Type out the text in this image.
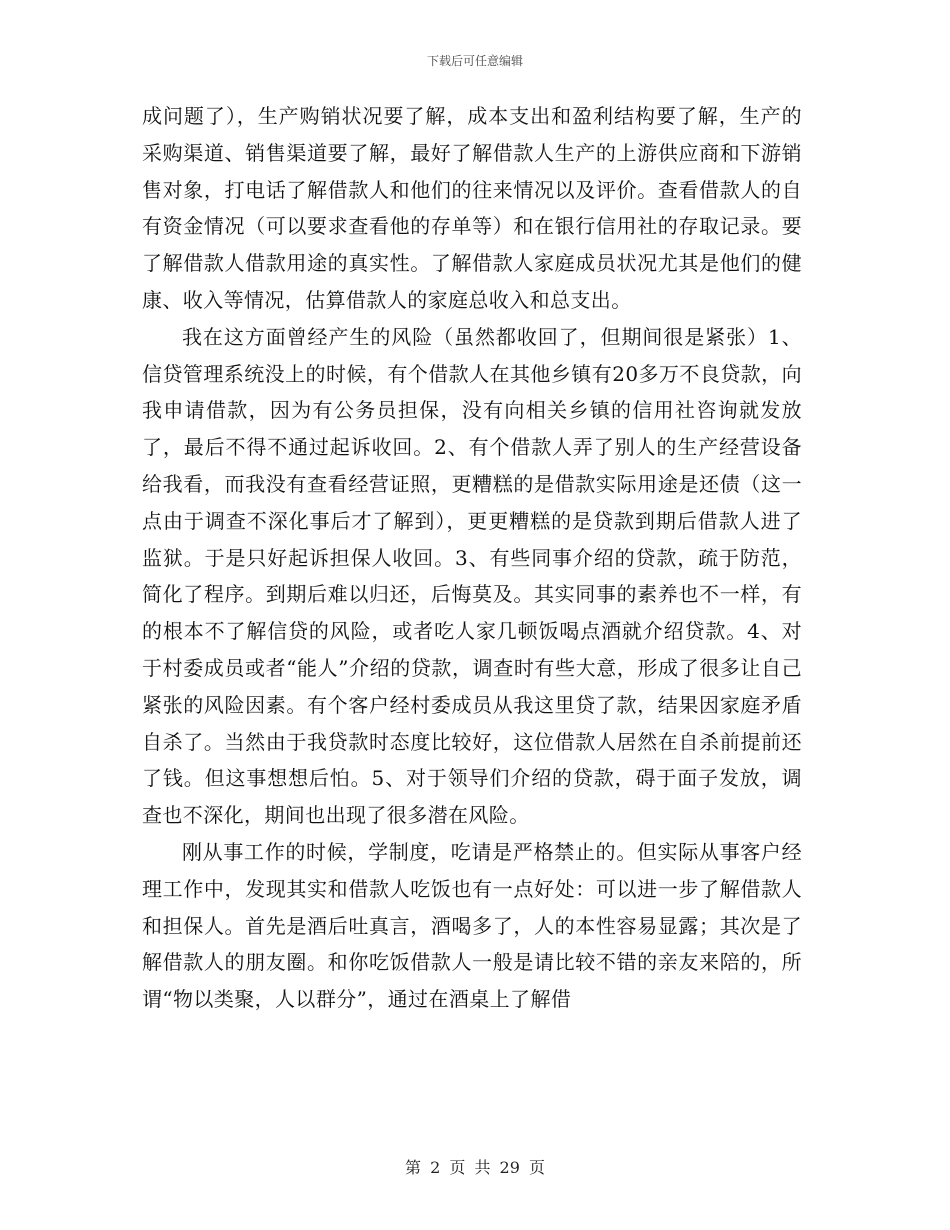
下载后可任意编辑

成问题了），生产购销状况要了解，成本支出和盈利结构要了解，生产的采购渠道、销售渠道要了解，最好了解借款人生产的上游供应商和下游销售对象，打电话了解借款人和他们的往来情况以及评价。查看借款人的自有资金情况（可以要求查看他的存单等）和在银行信用社的存取记录。要了解借款人借款用途的真实性。了解借款人家庭成员状况尤其是他们的健康、收入等情况，估算借款人的家庭总收入和总支出。

我在这方面曾经产生的风险（虽然都收回了，但期间很是紧张）1、信贷管理系统没上的时候，有个借款人在其他乡镇有20多万不良贷款，向我申请借款，因为有公务员担保，没有向相关乡镇的信用社咨询就发放了，最后不得不通过起诉收回。2、有个借款人弄了别人的生产经营设备给我看，而我没有查看经营证照，更糟糕的是借款实际用途是还债（这一点由于调查不深化事后才了解到），更更糟糕的是贷款到期后借款人进了监狱。于是只好起诉担保人收回。3、有些同事介绍的贷款，疏于防范，简化了程序。到期后难以归还，后悔莫及。其实同事的素养也不一样，有的根本不了解信贷的风险，或者吃人家几顿饭喝点酒就介绍贷款。4、对于村委成员或者“能人”介绍的贷款，调查时有些大意，形成了很多让自己紧张的风险因素。有个客户经村委成员从我这里贷了款，结果因家庭矛盾自杀了。当然由于我贷款时态度比较好，这位借款人居然在自杀前提前还了钱。但这事想想后怕。5、对于领导们介绍的贷款，碍于面子发放，调查也不深化，期间也出现了很多潜在风险。

刚从事工作的时候，学制度，吃请是严格禁止的。但实际从事客户经理工作中，发现其实和借款人吃饭也有一点好处：可以进一步了解借款人和担保人。首先是酒后吐真言，酒喝多了，人的本性容易显露；其次是了解借款人的朋友圈。和你吃饭借款人一般是请比较不错的亲友来陪的，所谓“物以类聚，人以群分”，通过在酒桌上了解借

第 2 页 共 29 页
